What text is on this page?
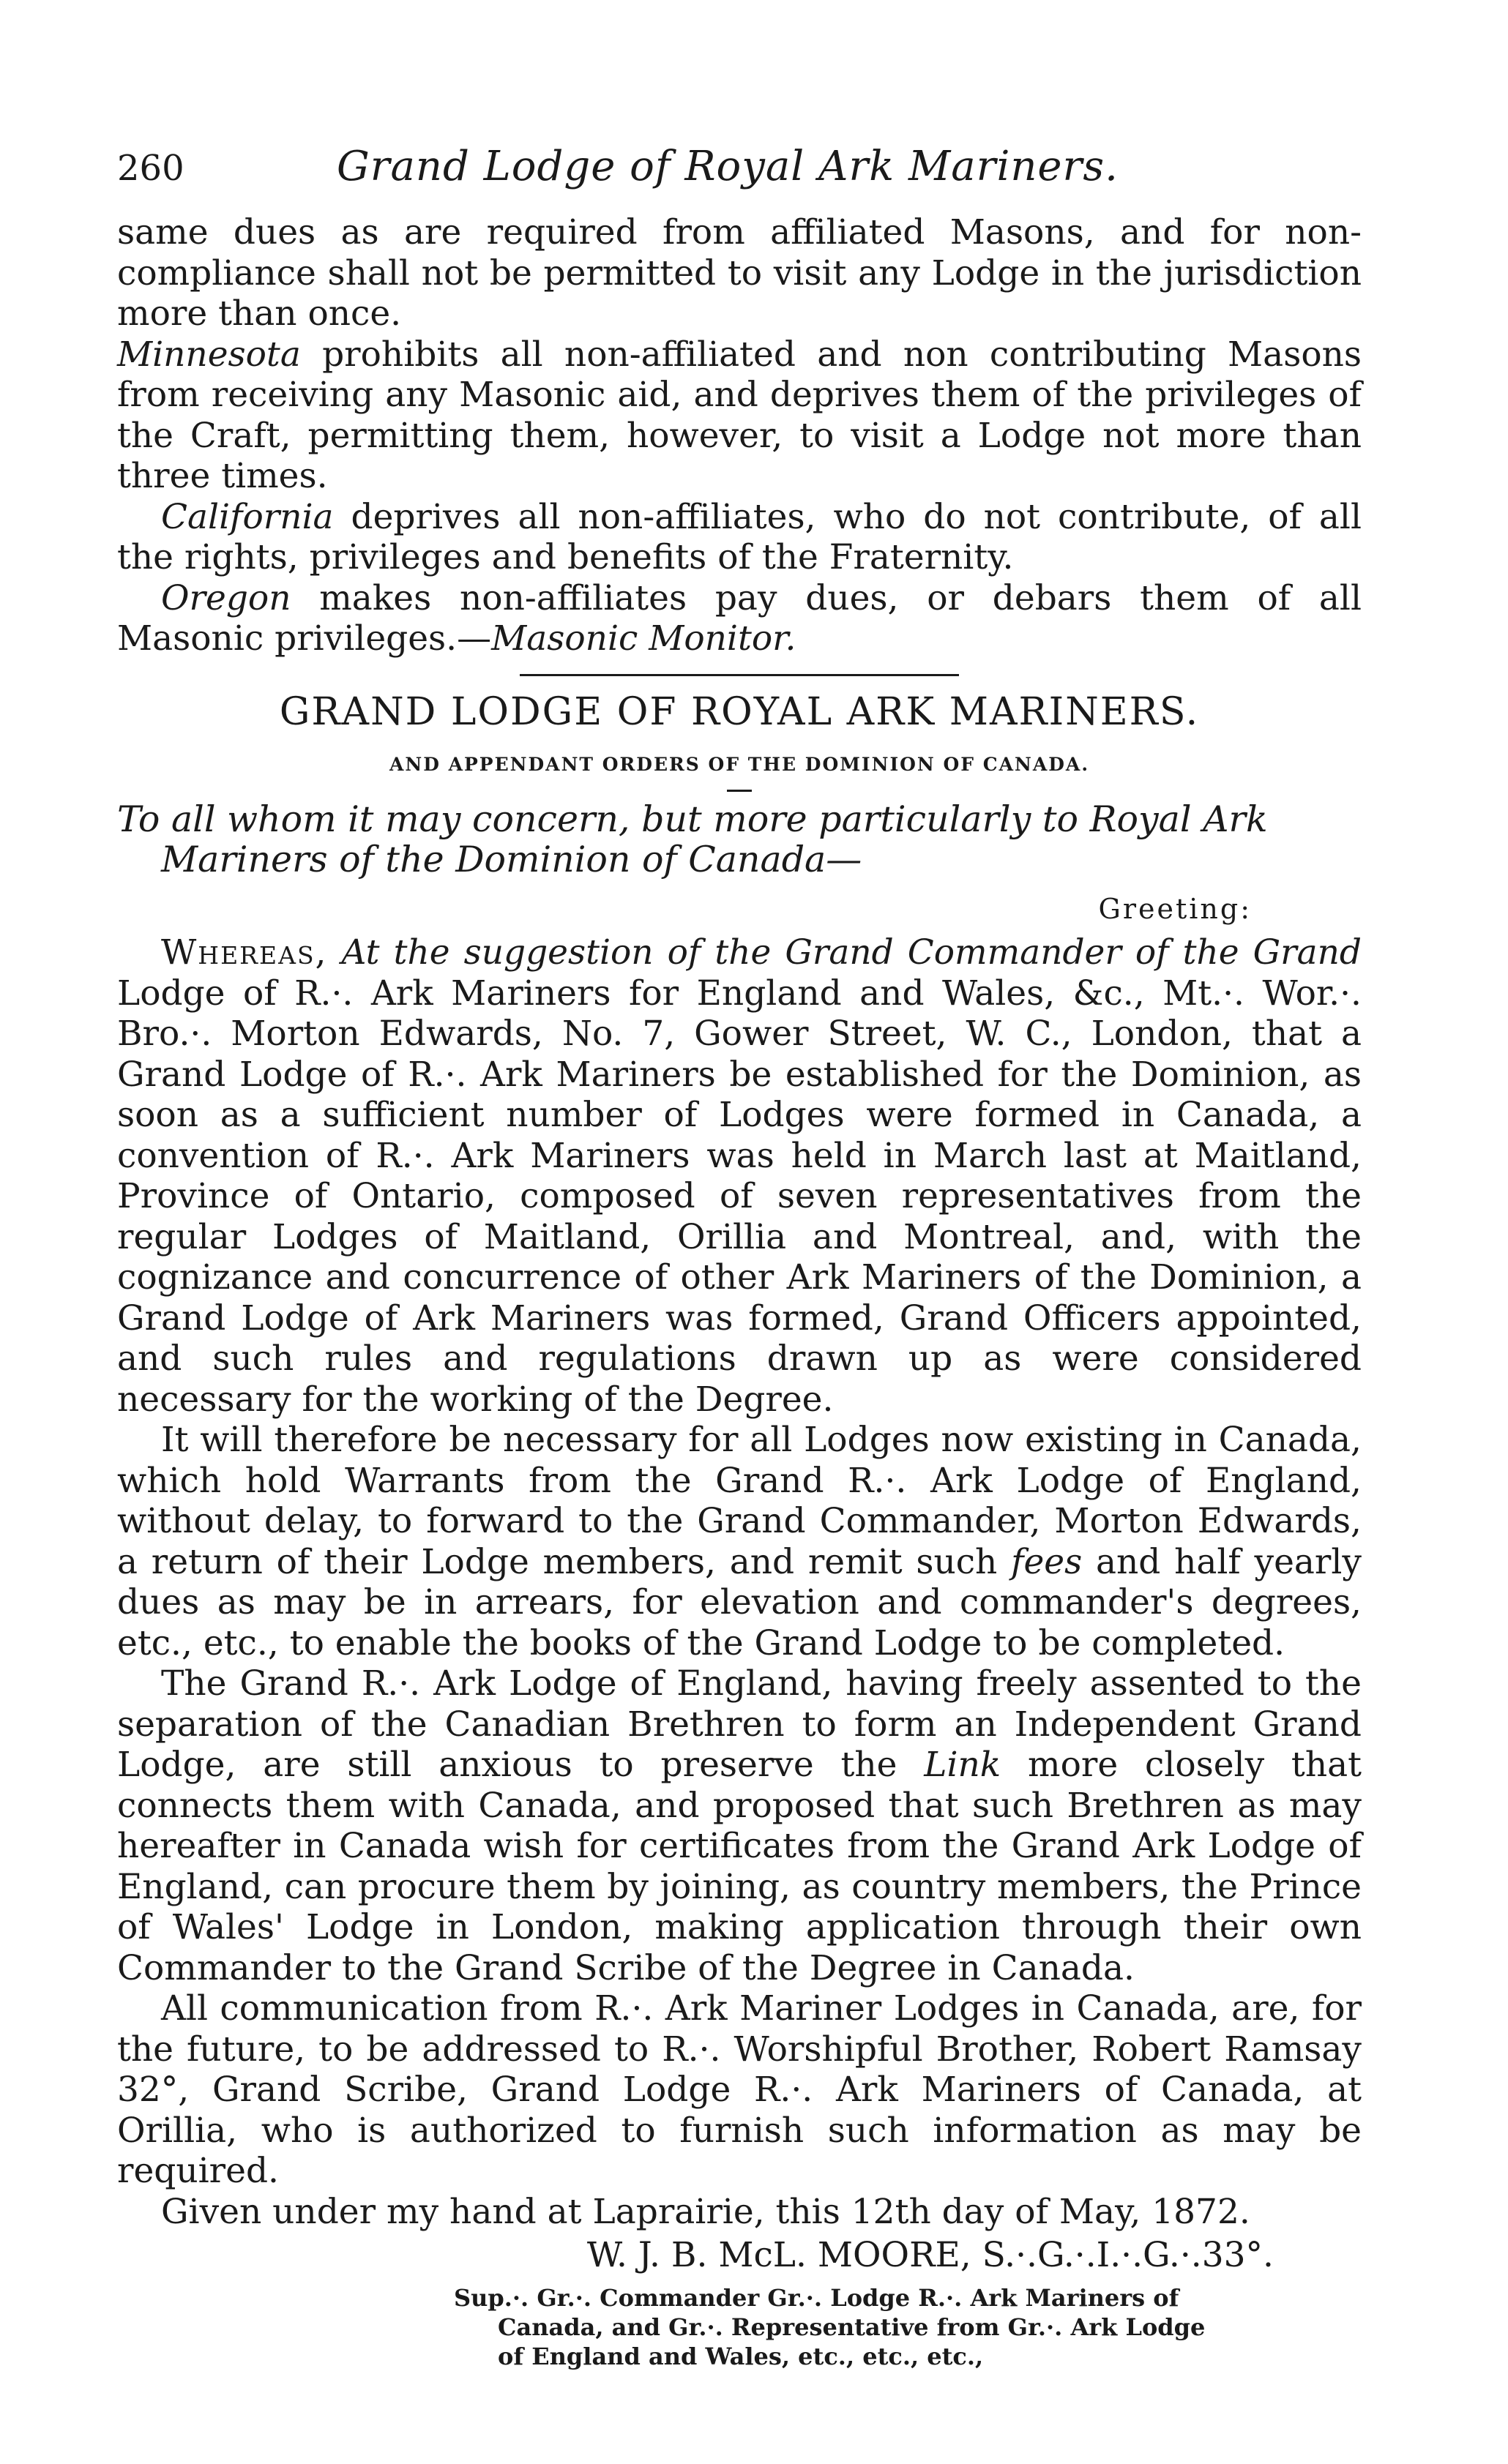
260	Grand Lodge of Royal Ark Mariners.

same dues as are required from affiliated Masons, and for non-compliance shall not be permitted to visit any Lodge in the jurisdiction more than once.

Minnesota prohibits all non-affiliated and non contributing Masons from receiving any Masonic aid, and deprives them of the privileges of the Craft, permitting them, however, to visit a Lodge not more than three times.

California deprives all non-affiliates, who do not contribute, of all the rights, privileges and benefits of the Fraternity.

Oregon makes non-affiliates pay dues, or debars them of all Masonic privileges.—Masonic Monitor.

GRAND LODGE OF ROYAL ARK MARINERS.
AND APPENDANT ORDERS OF THE DOMINION OF CANADA.

To all whom it may concern, but more particularly to Royal Ark Mariners of the Dominion of Canada—

Greeting:

Whereas, At the suggestion of the Grand Commander of the Grand Lodge of R.·. Ark Mariners for England and Wales, &c., Mt.·. Wor.·. Bro.·. Morton Edwards, No. 7, Gower Street, W. C., London, that a Grand Lodge of R.·. Ark Mariners be established for the Dominion, as soon as a sufficient number of Lodges were formed in Canada, a convention of R.·. Ark Mariners was held in March last at Maitland, Province of Ontario, composed of seven representatives from the regular Lodges of Maitland, Orillia and Montreal, and, with the cognizance and concurrence of other Ark Mariners of the Dominion, a Grand Lodge of Ark Mariners was formed, Grand Officers appointed, and such rules and regulations drawn up as were considered necessary for the working of the Degree.

It will therefore be necessary for all Lodges now existing in Canada, which hold Warrants from the Grand R.·. Ark Lodge of England, without delay, to forward to the Grand Commander, Morton Edwards, a return of their Lodge members, and remit such fees and half yearly dues as may be in arrears, for elevation and commander's degrees, etc., etc., to enable the books of the Grand Lodge to be completed.

The Grand R.·. Ark Lodge of England, having freely assented to the separation of the Canadian Brethren to form an Independent Grand Lodge, are still anxious to preserve the Link more closely that connects them with Canada, and proposed that such Brethren as may hereafter in Canada wish for certificates from the Grand Ark Lodge of England, can procure them by joining, as country members, the Prince of Wales' Lodge in London, making application through their own Commander to the Grand Scribe of the Degree in Canada.

All communication from R.·. Ark Mariner Lodges in Canada, are, for the future, to be addressed to R.·. Worshipful Brother, Robert Ramsay 32°, Grand Scribe, Grand Lodge R.·. Ark Mariners of Canada, at Orillia, who is authorized to furnish such information as may be required.

Given under my hand at Laprairie, this 12th day of May, 1872.

W. J. B. McL. MOORE, S.·.G.·.I.·.G.·.33°.
Sup.·. Gr.·. Commander Gr.·. Lodge R.·. Ark Mariners of
Canada, and Gr.·. Representative from Gr.·. Ark Lodge
of England and Wales, etc., etc., etc.,
